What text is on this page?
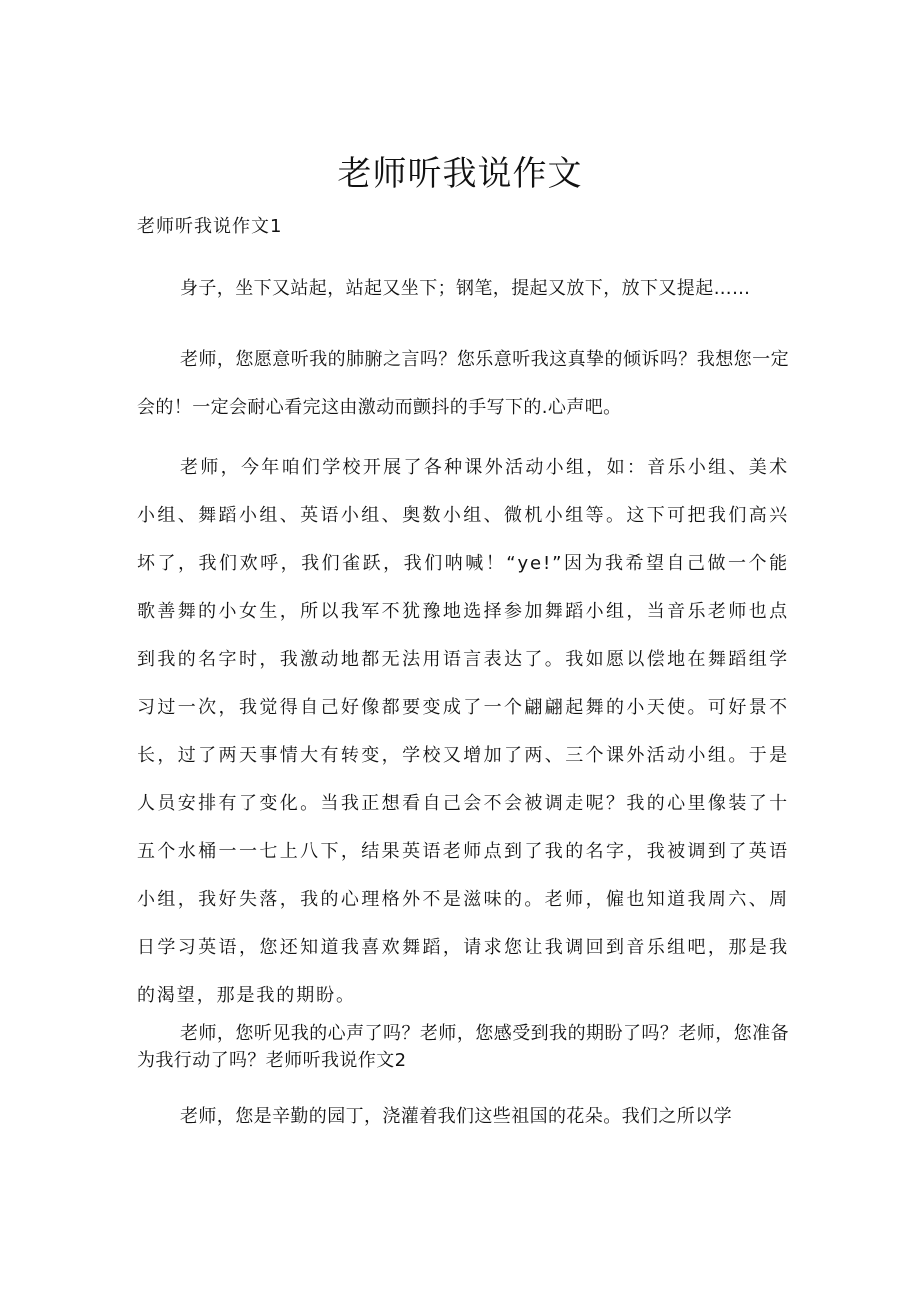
老师听我说作文

老师听我说作文1

身子，坐下又站起，站起又坐下；钢笔，提起又放下，放下又提起……

老师，您愿意听我的肺腑之言吗？您乐意听我这真挚的倾诉吗？我想您一定会的！一定会耐心看完这由激动而颤抖的手写下的.心声吧。

老师，今年咱们学校开展了各种课外活动小组，如：音乐小组、美术小组、舞蹈小组、英语小组、奥数小组、微机小组等。这下可把我们高兴坏了，我们欢呼，我们雀跃，我们呐喊！“ye!”因为我希望自己做一个能歌善舞的小女生，所以我军不犹豫地选择参加舞蹈小组，当音乐老师也点到我的名字时，我激动地都无法用语言表达了。我如愿以偿地在舞蹈组学习过一次，我觉得自己好像都要变成了一个翩翩起舞的小天使。可好景不长，过了两天事情大有转变，学校又增加了两、三个课外活动小组。于是人员安排有了变化。当我正想看自己会不会被调走呢？我的心里像装了十五个水桶一一七上八下，结果英语老师点到了我的名字，我被调到了英语小组，我好失落，我的心理格外不是滋味的。老师，僱也知道我周六、周日学习英语，您还知道我喜欢舞蹈，请求您让我调回到音乐组吧，那是我的渴望，那是我的期盼。

老师，您听见我的心声了吗？老师，您感受到我的期盼了吗？老师，您准备为我行动了吗？老师听我说作文2

老师，您是辛勤的园丁，浇灌着我们这些祖国的花朵。我们之所以学
